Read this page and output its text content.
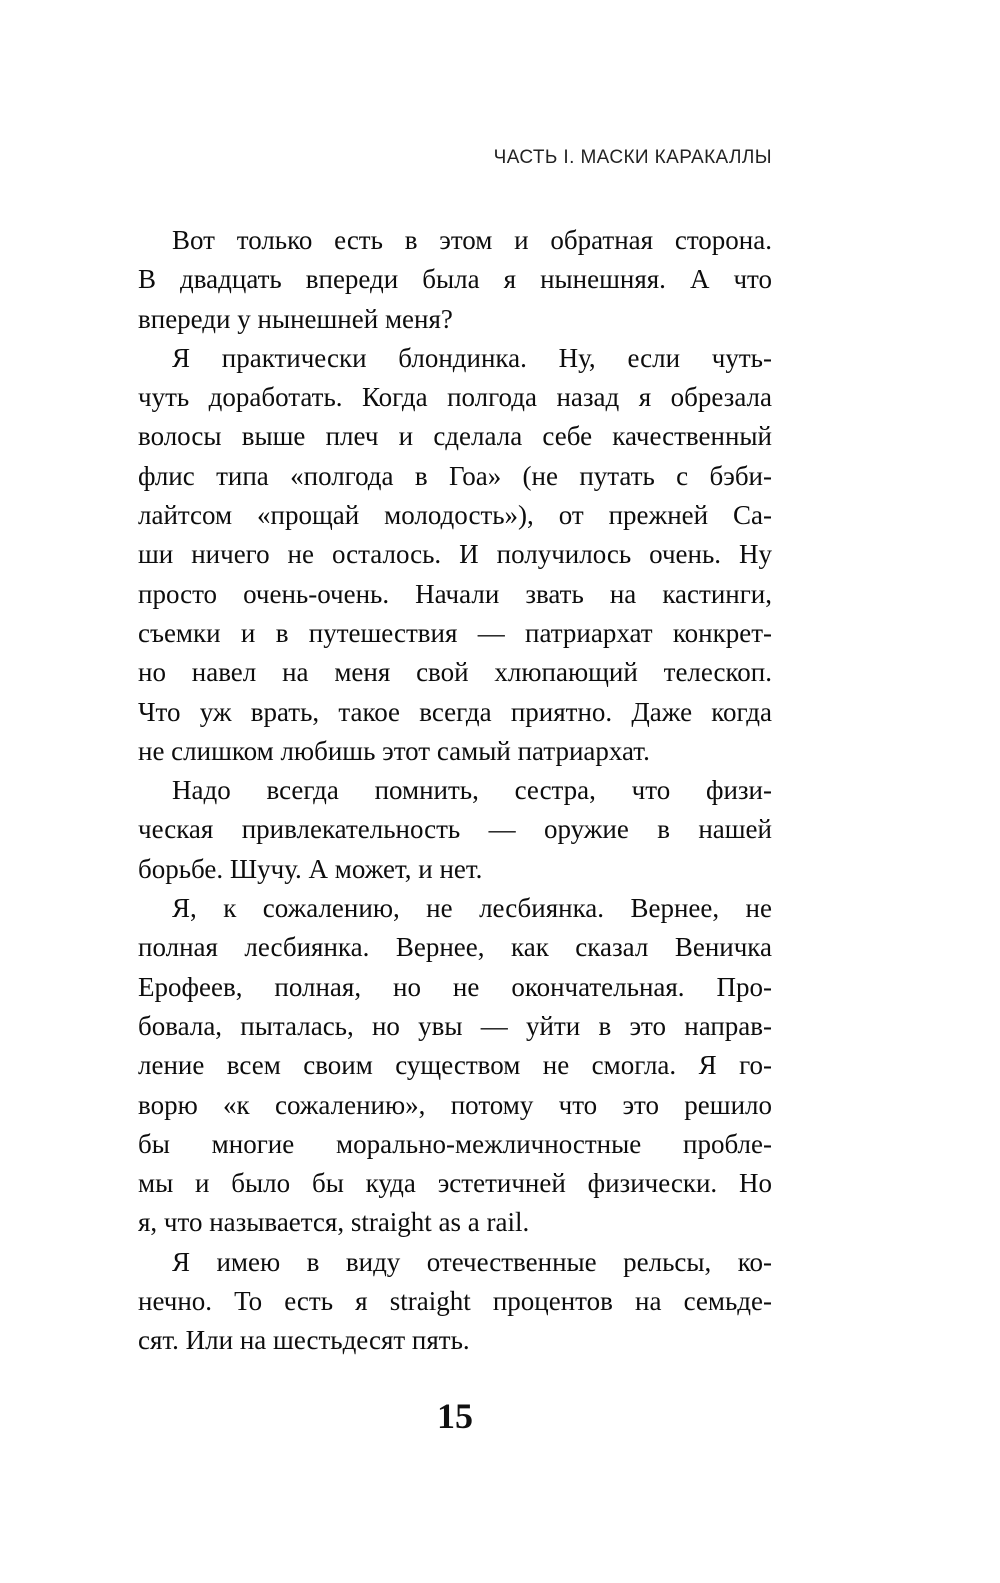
ЧАСТЬ I. МАСКИ КАРАКАЛЛЫ

Вот только есть в этом и обратная сторона.
В двадцать впереди была я нынешняя. А что
впереди у нынешней меня?

Я практически блондинка. Ну, если чуть-
чуть доработать. Когда полгода назад я обрезала
волосы выше плеч и сделала себе качественный
флис типа «полгода в Гоа» (не путать с бэби-
лайтсом «прощай молодость»), от прежней Са-
ши ничего не осталось. И получилось очень. Ну
просто очень-очень. Начали звать на кастинги,
съемки и в путешествия — патриархат конкрет-
но навел на меня свой хлюпающий телескоп.
Что уж врать, такое всегда приятно. Даже когда
не слишком любишь этот самый патриархат.

Надо всегда помнить, сестра, что физи-
ческая привлекательность — оружие в нашей
борьбе. Шучу. А может, и нет.

Я, к сожалению, не лесбиянка. Вернее, не
полная лесбиянка. Вернее, как сказал Веничка
Ерофеев, полная, но не окончательная. Про-
бовала, пыталась, но увы — уйти в это направ-
ление всем своим существом не смогла. Я го-
ворю «к сожалению», потому что это решило
бы многие морально-межличностные пробле-
мы и было бы куда эстетичней физически. Но
я, что называется, straight as a rail.

Я имею в виду отечественные рельсы, ко-
нечно. То есть я straight процентов на семьде-
сят. Или на шестьдесят пять.

15
